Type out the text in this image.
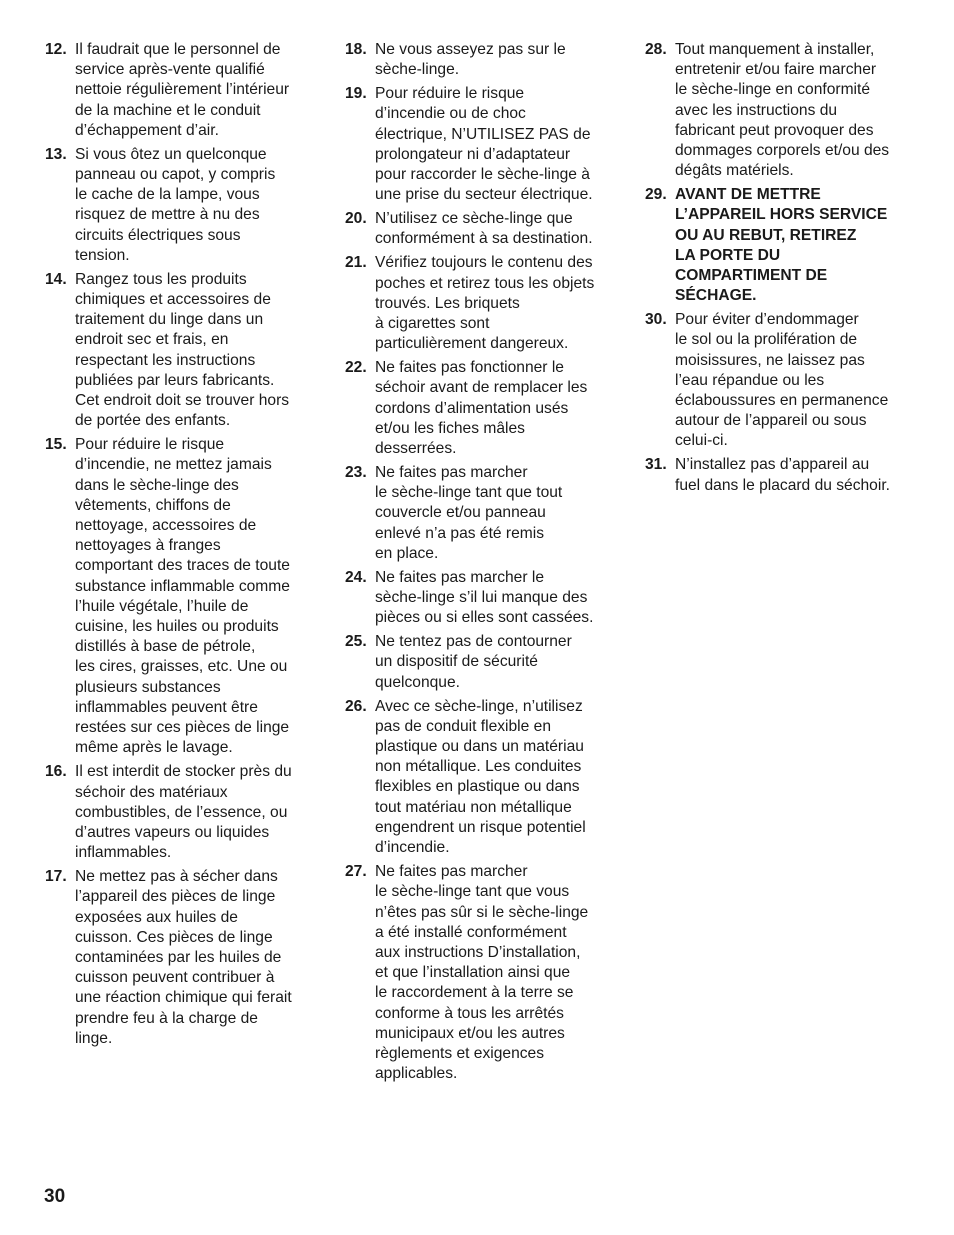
12. Il faudrait que le personnel de
service après-vente qualifié
nettoie régulièrement l’intérieur
de la machine et le conduit
d’échappement d’air.
13. Si vous ôtez un quelconque
panneau ou capot, y compris
le cache de la lampe, vous
risquez de mettre à nu des
circuits électriques sous
tension.
14. Rangez tous les produits
chimiques et accessoires de
traitement du linge dans un
endroit sec et frais, en
respectant les instructions
publiées par leurs fabricants.
Cet endroit doit se trouver hors
de portée des enfants.
15. Pour réduire le risque
d’incendie, ne mettez jamais
dans le sèche-linge des
vêtements, chiffons de
nettoyage, accessoires de
nettoyages à franges
comportant des traces de toute
substance inflammable comme
l’huile végétale, l’huile de
cuisine, les huiles ou produits
distillés à base de pétrole,
les cires, graisses, etc. Une ou
plusieurs substances
inflammables peuvent être
restées sur ces pièces de linge
même après le lavage.
16. Il est interdit de stocker près du
séchoir des matériaux
combustibles, de l’essence, ou
d’autres vapeurs ou liquides
inflammables.
17. Ne mettez pas à sécher dans
l’appareil des pièces de linge
exposées aux huiles de
cuisson. Ces pièces de linge
contaminées par les huiles de
cuisson peuvent contribuer à
une réaction chimique qui ferait
prendre feu à la charge de
linge.
18. Ne vous asseyez pas sur le
sèche-linge.
19. Pour réduire le risque
d’incendie ou de choc
électrique, N’UTILISEZ PAS de
prolongateur ni d’adaptateur
pour raccorder le sèche-linge à
une prise du secteur électrique.
20. N’utilisez ce sèche-linge que
conformément à sa destination.
21. Vérifiez toujours le contenu des
poches et retirez tous les objets
trouvés. Les briquets
à cigarettes sont
particulièrement dangereux.
22. Ne faites pas fonctionner le
séchoir avant de remplacer les
cordons d’alimentation usés
et/ou les fiches mâles
desserrées.
23. Ne faites pas marcher
le sèche-linge tant que tout
couvercle et/ou panneau
enlevé n’a pas été remis
en place.
24. Ne faites pas marcher le
sèche-linge s’il lui manque des
pièces ou si elles sont cassées.
25. Ne tentez pas de contourner
un dispositif de sécurité
quelconque.
26. Avec ce sèche-linge, n’utilisez
pas de conduit flexible en
plastique ou dans un matériau
non métallique. Les conduites
flexibles en plastique ou dans
tout matériau non métallique
engendrent un risque potentiel
d’incendie.
27. Ne faites pas marcher
le sèche-linge tant que vous
n’êtes pas sûr si le sèche-linge
a été installé conformément
aux instructions D’installation,
et que l’installation ainsi que
le raccordement à la terre se
conforme à tous les arrêtés
municipaux et/ou les autres
règlements et exigences
applicables.
28. Tout manquement à installer,
entretenir et/ou faire marcher
le sèche-linge en conformité
avec les instructions du
fabricant peut provoquer des
dommages corporels et/ou des
dégâts matériels.
29. AVANT DE METTRE
L’APPAREIL HORS SERVICE
OU AU REBUT, RETIREZ
LA PORTE DU
COMPARTIMENT DE
SÉCHAGE.
30. Pour éviter d’endommager
le sol ou la prolifération de
moisissures, ne laissez pas
l’eau répandue ou les
éclaboussures en permanence
autour de l’appareil ou sous
celui-ci.
31. N’installez pas d’appareil au
fuel dans le placard du séchoir.
30
